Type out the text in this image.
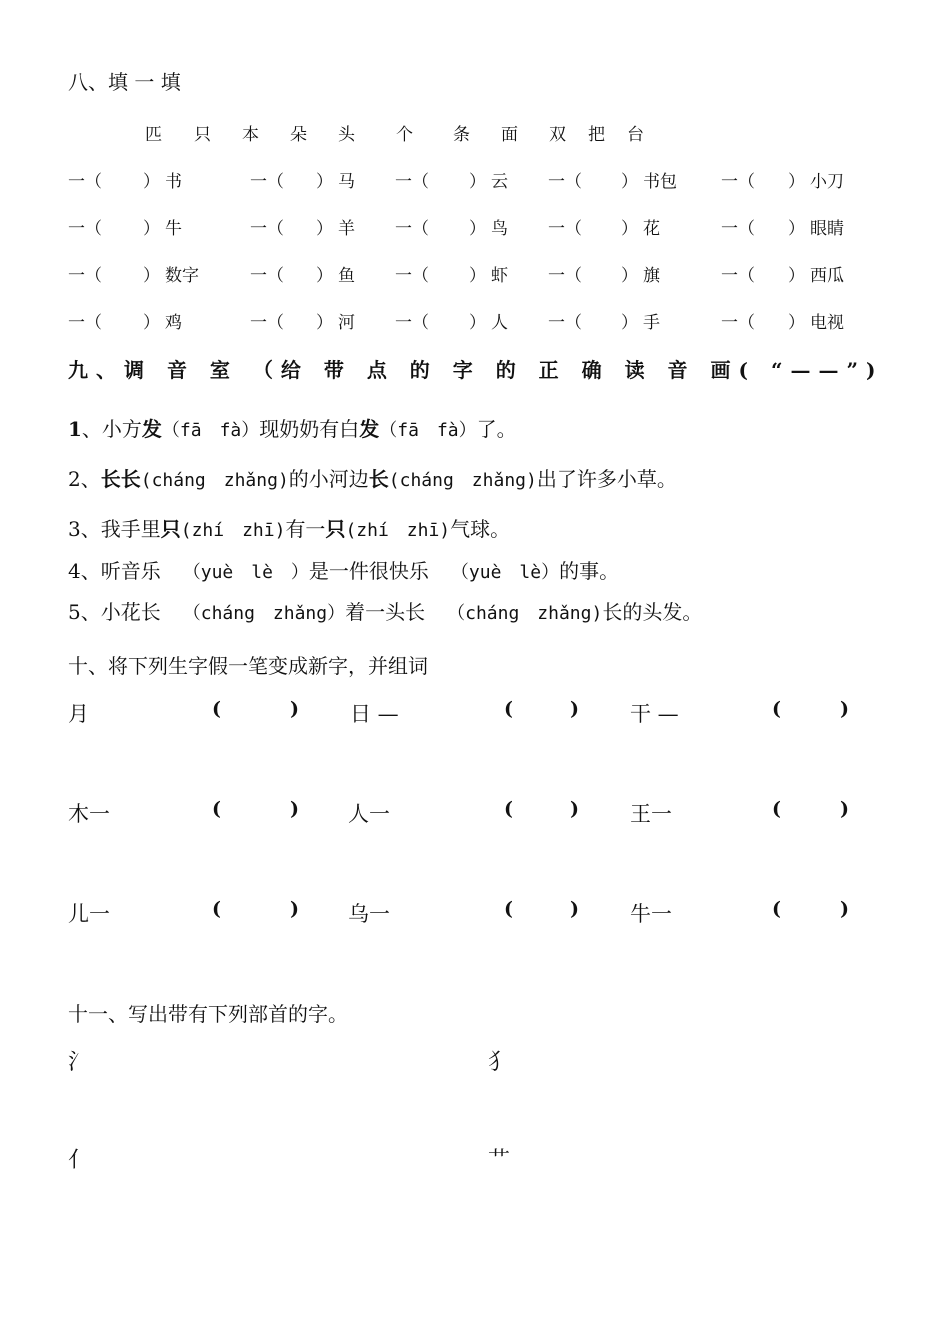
八、填 一 填
匹 只 本 朵 头 个 条 面 双 把 台
一（ ） 书	一（ ） 马 一（ ） 云 一（ ） 书包	一（ ） 小刀
一（ ） 牛	一（ ） 羊 一（ ） 鸟 一（ ） 花	一（ ） 眼睛
一（ ） 数字	一（ ） 鱼 一（ ） 虾 一（ ） 旗	一（ ） 西瓜
一（ ） 鸡	一（ ） 河 一（ ） 人 一（ ） 手	一（ ） 电视
九、调 音 室 （给 带 点 的 字 的 正 确 读 音 画( “——”)
1、小方发（fā　fà）现奶奶有白发（fā　fà）了。
2、长长(cháng　zhǎng)的小河边长(cháng　zhǎng)出了许多小草。
3、我手里只(zhí　zhī)有一只(zhí　zhī)气球。
4、听音乐 （yuè　lè　）是一件很快乐 （yuè　lè）的事。
5、小花长 （cháng　zhǎng）着一头长 （cháng　zhǎng)长的头发。
十、将下列生字假一笔变成新字，并组词
月	(	) 日 —	(	) 干 —	(	)
木一	(	) 人一	(	) 王一	(	)
儿一	(	) 乌一	(	) 牛一	(	)
十一、写出带有下列部首的字。
氵	犭
亻	艹
